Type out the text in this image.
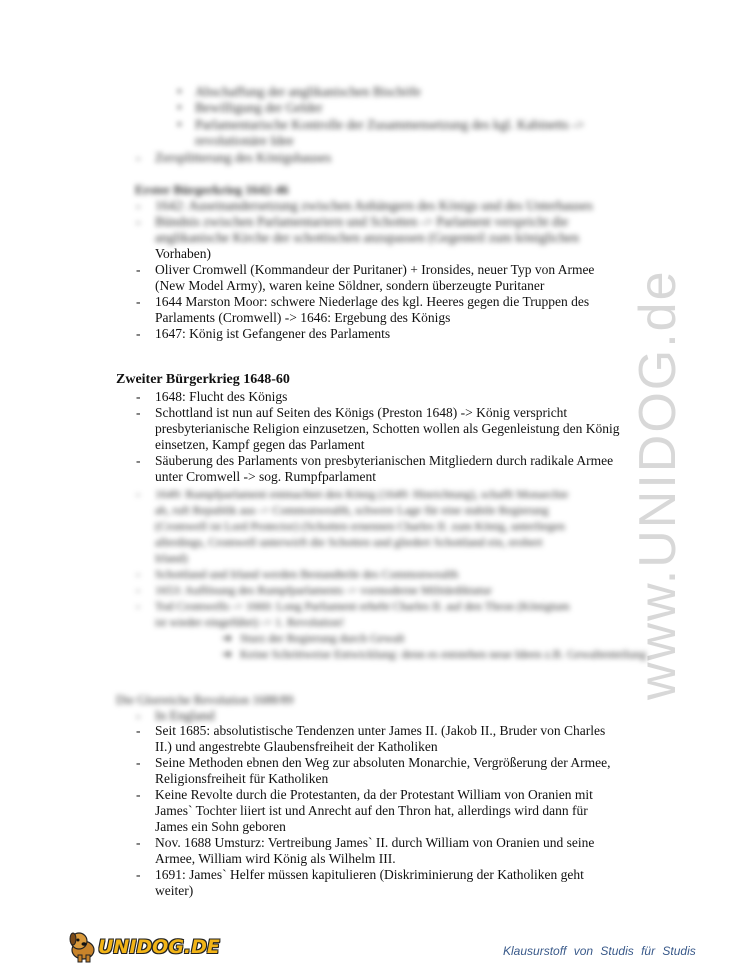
www.UNIDOG.de
• Abschaffung der anglikanischen Bischöfe
• Bewilligung der Gelder
• Parlamentarische Kontrolle der Zusammensetzung des kgl. Kabinetts ->
revolutionäre Idee
- Zersplitterung des Königshauses
Erster Bürgerkrieg 1642-46
- 1642: Auseinandersetzung zwischen Anhängern des Königs und des Unterhauses
- Bündnis zwischen Parlamentariern und Schotten -> Parlament verspricht die
anglikanische Kirche der schottischen anzupassen (Gegenteil zum königlichen
Vorhaben)
- Oliver Cromwell (Kommandeur der Puritaner) + Ironsides, neuer Typ von Armee
(New Model Army), waren keine Söldner, sondern überzeugte Puritaner
- 1644 Marston Moor: schwere Niederlage des kgl. Heeres gegen die Truppen des
Parlaments (Cromwell) -> 1646: Ergebung des Königs
- 1647: König ist Gefangener des Parlaments
Zweiter Bürgerkrieg 1648-60
- 1648: Flucht des Königs
- Schottland ist nun auf Seiten des Königs (Preston 1648) -> König verspricht
presbyterianische Religion einzusetzen, Schotten wollen als Gegenleistung den König
einsetzen, Kampf gegen das Parlament
- Säuberung des Parlaments von presbyterianischen Mitgliedern durch radikale Armee
unter Cromwell -> sog. Rumpfparlament
- 1649: Rumpfparlament entmachtet den König (1649: Hinrichtung), schafft Monarchie
ab, ruft Republik aus -> Commonwealth, schwere Lage für eine stabile Regierung
(Cromwell ist Lord Protector) (Schotten ernennen Charles II. zum König, unterliegen
allerdings, Cromwell unterwirft die Schotten und gliedert Schottland ein, erobert
Irland)
- Schottland und Irland werden Bestandteile des Commonwealth
- 1653: Auflösung des Rumpfparlaments -> vormoderne Militärdiktatur
- Tod Cromwells -> 1660: Long Parliament erhebt Charles II. auf den Thron (Königtum
ist wieder eingeführt) -> 1. Revolution!
➔ Sturz der Regierung durch Gewalt
➔ Keine Schrittweise Entwicklung: denn es entstehen neue Ideen z.B. Gewaltenteilung
Die Glorreiche Revolution 1688/89
- In England
- Seit 1685: absolutistische Tendenzen unter James II. (Jakob II., Bruder von Charles
II.) und angestrebte Glaubensfreiheit der Katholiken
- Seine Methoden ebnen den Weg zur absoluten Monarchie, Vergrößerung der Armee,
Religionsfreiheit für Katholiken
- Keine Revolte durch die Protestanten, da der Protestant William von Oranien mit
James` Tochter liiert ist und Anrecht auf den Thron hat, allerdings wird dann für
James ein Sohn geboren
- Nov. 1688 Umsturz: Vertreibung James` II. durch William von Oranien und seine
Armee, William wird König als Wilhelm III.
- 1691: James` Helfer müssen kapitulieren (Diskriminierung der Katholiken geht
weiter)
UNIDOG.DE	Klausurstoff von Studis für Studis
